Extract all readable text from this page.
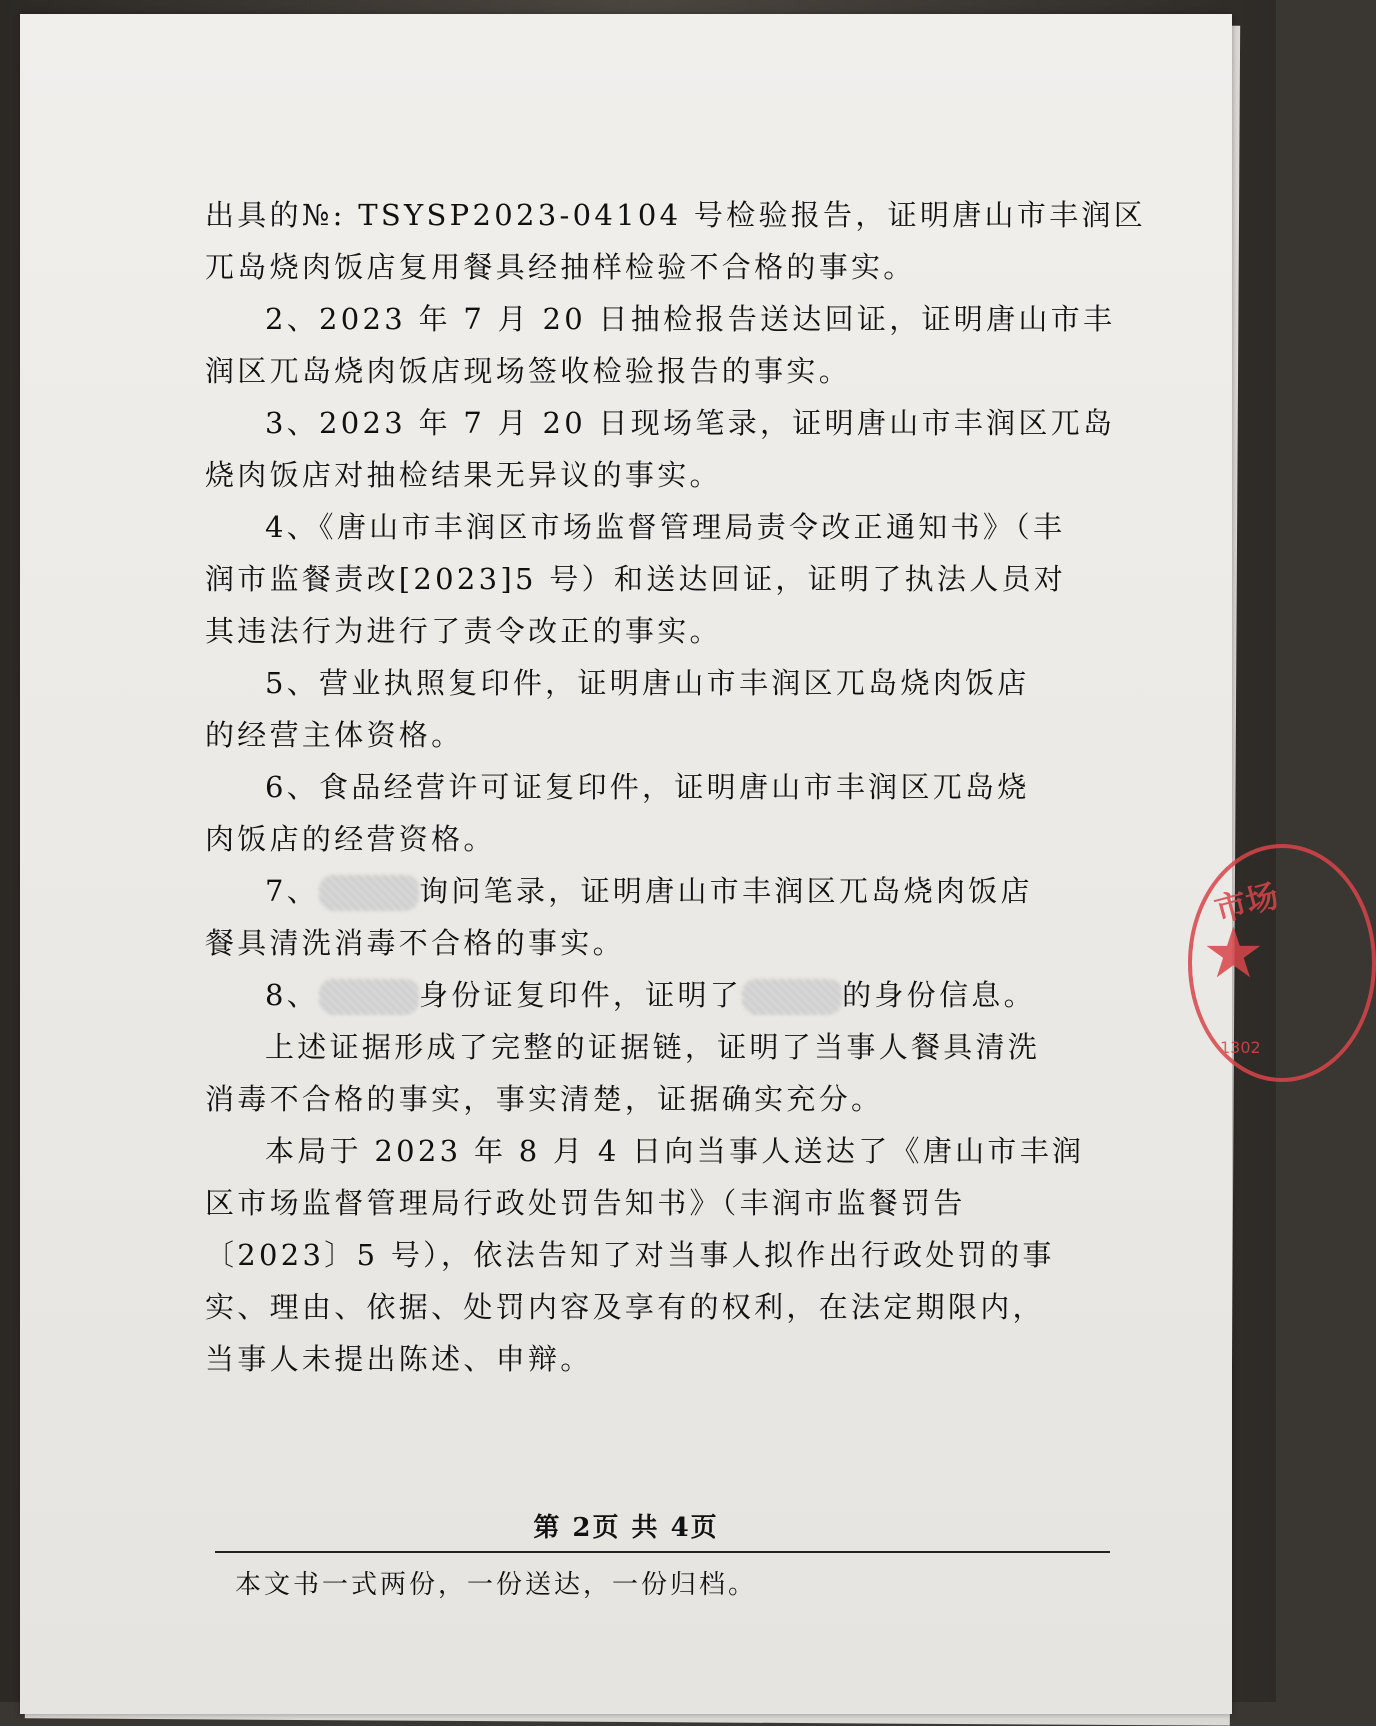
出具的№: TSYSP2023-04104 号检验报告，证明唐山市丰润区

兀岛烧肉饭店复用餐具经抽样检验不合格的事实。

2、2023 年 7 月 20 日抽检报告送达回证，证明唐山市丰

润区兀岛烧肉饭店现场签收检验报告的事实。

3、2023 年 7 月 20 日现场笔录，证明唐山市丰润区兀岛

烧肉饭店对抽检结果无异议的事实。

4、《唐山市丰润区市场监督管理局责令改正通知书》（丰

润市监餐责改[2023]5 号）和送达回证，证明了执法人员对

其违法行为进行了责令改正的事实。

5、营业执照复印件，证明唐山市丰润区兀岛烧肉饭店

的经营主体资格。

6、食品经营许可证复印件，证明唐山市丰润区兀岛烧

肉饭店的经营资格。

7、	询问笔录，证明唐山市丰润区兀岛烧肉饭店

餐具清洗消毒不合格的事实。

8、	身份证复印件，证明了	的身份信息。

上述证据形成了完整的证据链，证明了当事人餐具清洗

消毒不合格的事实，事实清楚，证据确实充分。

本局于 2023 年 8 月 4 日向当事人送达了《唐山市丰润

区市场监督管理局行政处罚告知书》（丰润市监餐罚告

〔2023〕5 号），依法告知了对当事人拟作出行政处罚的事

实、理由、依据、处罚内容及享有的权利，在法定期限内，

当事人未提出陈述、申辩。

第 2页 共 4页
本文书一式两份，一份送达，一份归档。
市场
★
1302
